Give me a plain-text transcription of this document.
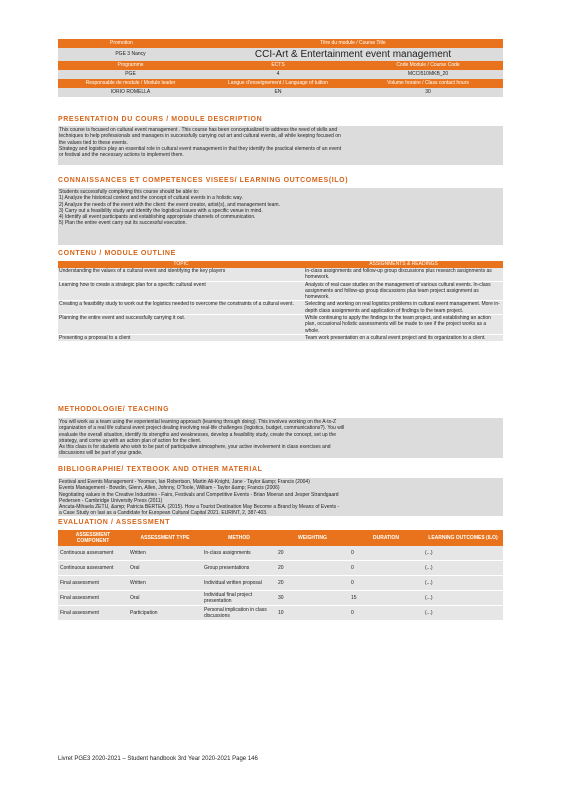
Promotion	Titre du module / Course Title	
PGE 3 Nancy	CCI-Art & Entertainment event management	
Programme	ECTS	Code Module / Course Code
PGE	4	MCCI510MKB_20
Responsable de module / Module leader	Langue d'enseignement / Language of tuition	Volume horaire / Class contact hours
IORIO ROMELLA	EN	30
PRESENTATION DU COURS / MODULE DESCRIPTION

This course is focused on cultural event management . This course has been conceptualized to address the need of skills and

techniques to help professionals and managers in successfully carrying out art and cultural events, all while keeping focused on

the values tied to these events.

Strategy and logistics play an essential role in cultural event management in that they identify the practical elements of an event

or festival and the necessary actions to implement them.

CONNAISSANCES ET COMPETENCES VISEES/ LEARNING OUTCOMES(ILO)

Students successfully completing this course should be able to:

1) Analyze the historical context and the concept of cultural events in a holistic way.

2) Analyze the needs of the event with the client: the event creator, artist(s), and management team.

3) Carry out a feasibility study and identify the logistical issues with a specific venue in mind.

4) Identify all event participants and establishing appropriate channels of communication.

5) Plan the entire event carry out its successful execution.

CONTENU / MODULE OUTLINE
TOPIC	ASSIGNMENTS & READINGS
Understanding the values of a cultural event and identifying the key players	In-class assignments and follow-up group discussions plus research assignments as homework.
Learning how to create a strategic plan for a specific cultural event	Analysis of real case studies on the management of various cultural events. In-class assignments and follow-up group discussions plus team project assignment as homework.
Creating a feasibility study to work out the logistics needed to overcome the constraints of a cultural event.	Selecting and working on real logistics problems in cultural event management. More in-depth class assignments and application of findings to the team project.
Planning the entire event and successfully carrying it out.	While continuing to apply the findings to the team project, and establishing an action plan, occasional holistic assessments will be made to see if the project works as a whole.
Presenting a proposal to a client	Team work presentation on a cultural event project and its organization to a client.
METHODOLOGIE/ TEACHING

You will work as a team using the experiential learning approach (learning through doing). This involves working on the A-to-Z

organization of a real life cultural event project dealing involving real-life challenges (logistics, budget, communications?). You will

evaluate the overall situation, identify its strengths and weaknesses, develop a feasibility study, create the concept, set up the

strategy, and come up with an action plan of action for the client.

As this class is for students who wish to be part of participative atmosphere, your active involvement in class exercises and

discussions will be part of your grade.

BIBLIOGRAPHIE/ TEXTBOOK AND OTHER MATERIAL

Festival and Events Management - Yeoman, Ian Robertson, Martin Ali-Knight, Jane - Taylor &amp; Francis (2004)

Events Management - Bowdin, Glenn, Allen, Johnny, O'Toole, William - Taylor &amp; Francis (2006)

Negotiating values in the Creative Industries - Fairs, Festivals and Competitive Events - Brian Moeran and Jesper Strandgaard

Pedersen - Cambridge University Press (2011)

Ancuta-Mihaela ZETU, &amp; Patricia BERTEA. (2015). How a Tourist Destination May Become a Brand by Means of Events -

a Case Study on Iasi as a Candidate for European Cultural Capital 2021. EURINT, 2, 387-403.

EVALUATION / ASSESSMENT
ASSESSMENT COMPONENT	ASSESSMENT TYPE	METHOD	WEIGHTING	DURATION	LEARNING OUTCOMES (ILO)
Continuous assessment	Written	In-class assignments	20	0	(...)
Continuous assessment	Oral	Group presentations	20	0	(...)
Final assessment	Written	Individual written proposal	20	0	(...)
Final assessment	Oral	Individual final project presentation	30	15	(...)
Final assessment	Participation	Personal implication in class discussions	10	0	(...)
Livret PGE3 2020-2021 – Student handbook 3rd Year 2020-2021 Page 146
